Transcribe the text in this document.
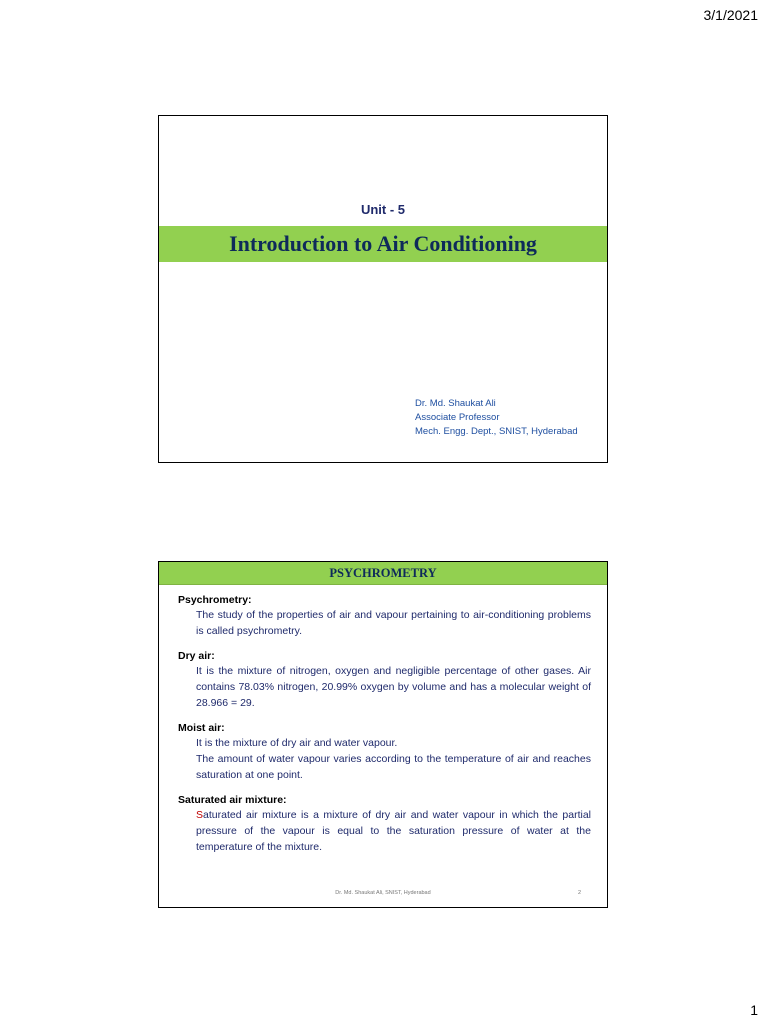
3/1/2021
Unit - 5
Introduction to Air Conditioning
Dr. Md. Shaukat Ali
Associate Professor
Mech. Engg. Dept., SNIST, Hyderabad
PSYCHROMETRY
Psychrometry:
The study of the properties of air and vapour pertaining to air-conditioning problems is called psychrometry.
Dry air:
It is the mixture of nitrogen, oxygen and negligible percentage of other gases. Air contains 78.03% nitrogen, 20.99% oxygen by volume and has a molecular weight of 28.966 = 29.
Moist air:
It is the mixture of dry air and water vapour.
The amount of water vapour varies according to the temperature of air and reaches saturation at one point.
Saturated air mixture:
Saturated air mixture is a mixture of dry air and water vapour in which the partial pressure of the vapour is equal to the saturation pressure of water at the temperature of the mixture.
Dr. Md. Shaukat Ali, SNIST, Hyderabad	2
1
